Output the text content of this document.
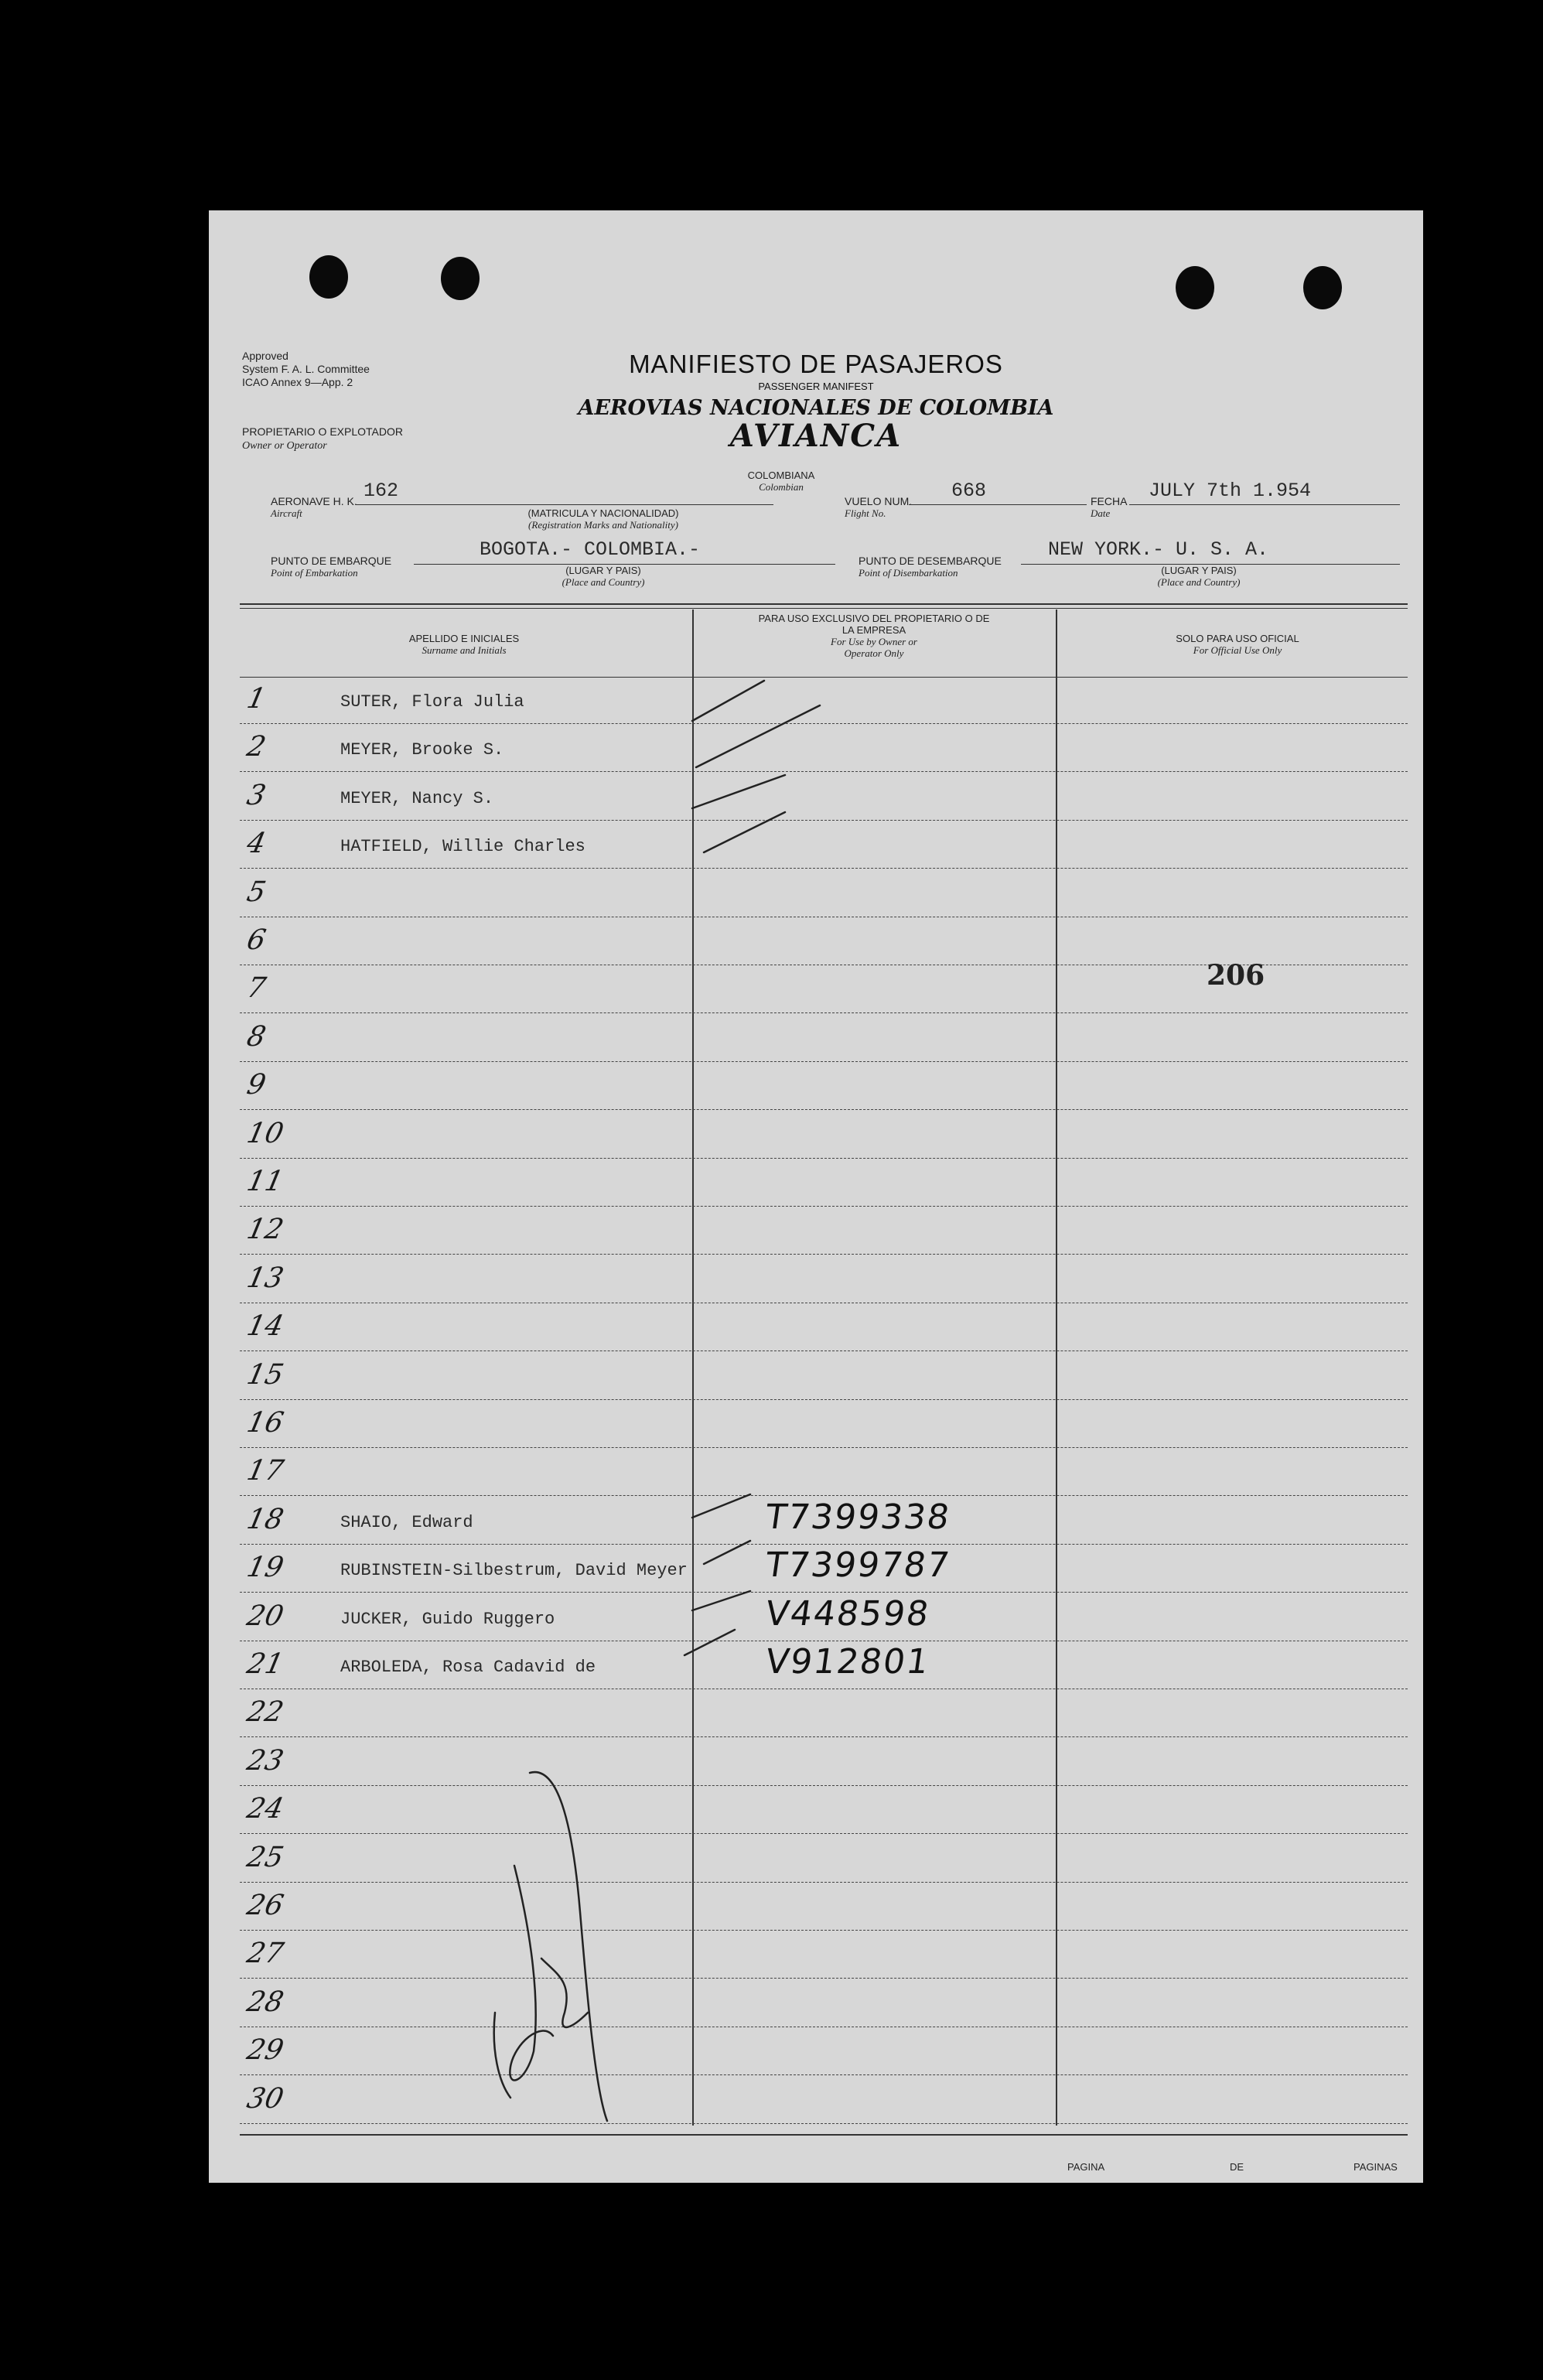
Approved
System F. A. L. Committee
ICAO Annex 9—App. 2
PROPIETARIO O EXPLOTADOR
Owner or Operator
MANIFIESTO DE PASAJEROS
PASSENGER MANIFEST
AEROVIAS NACIONALES DE COLOMBIA
AVIANCA
COLOMBIANA
Colombian
AERONAVE H. K.
Aircraft
162
(MATRICULA Y NACIONALIDAD)
(Registration Marks and Nationality)
VUELO NUM.
Flight No.
668	FECHA
Date
JULY 7th 1.954
PUNTO DE EMBARQUE
Point of Embarkation
BOGOTA.- COLOMBIA.-
(LUGAR Y PAIS)
(Place and Country)
PUNTO DE DESEMBARQUE
Point of Disembarkation
NEW YORK.- U. S. A.
(LUGAR Y PAIS)
(Place and Country)
APELLIDO E INICIALES
Surname and Initials
PARA USO EXCLUSIVO DEL PROPIETARIO O DE LA EMPRESA
For Use by Owner or Operator Only
SOLO PARA USO OFICIAL
For Official Use Only
1	SUTER, Flora Julia
2	MEYER, Brooke S.
3	MEYER, Nancy S.
4	HATFIELD, Willie Charles
5
6
7
8
9
10
11
12
13
14
15
16
17
18	SHAIO, Edward	T7399338
19	RUBINSTEIN-Silbestrum, David Meyer T7399787
20	JUCKER, Guido Ruggero	V448598
21	ARBOLEDA, Rosa Cadavid de	V912801
22
23
24
25
26
27
28
29
30
206
PAGINA	DE	PAGINAS
